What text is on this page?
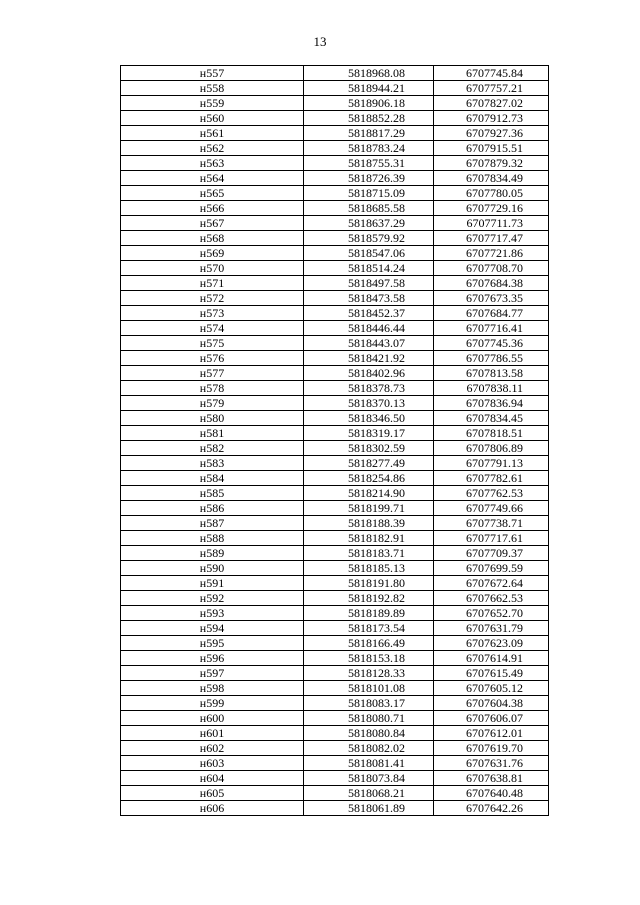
13
н557	5818968.08	6707745.84
н558	5818944.21	6707757.21
н559	5818906.18	6707827.02
н560	5818852.28	6707912.73
н561	5818817.29	6707927.36
н562	5818783.24	6707915.51
н563	5818755.31	6707879.32
н564	5818726.39	6707834.49
н565	5818715.09	6707780.05
н566	5818685.58	6707729.16
н567	5818637.29	6707711.73
н568	5818579.92	6707717.47
н569	5818547.06	6707721.86
н570	5818514.24	6707708.70
н571	5818497.58	6707684.38
н572	5818473.58	6707673.35
н573	5818452.37	6707684.77
н574	5818446.44	6707716.41
н575	5818443.07	6707745.36
н576	5818421.92	6707786.55
н577	5818402.96	6707813.58
н578	5818378.73	6707838.11
н579	5818370.13	6707836.94
н580	5818346.50	6707834.45
н581	5818319.17	6707818.51
н582	5818302.59	6707806.89
н583	5818277.49	6707791.13
н584	5818254.86	6707782.61
н585	5818214.90	6707762.53
н586	5818199.71	6707749.66
н587	5818188.39	6707738.71
н588	5818182.91	6707717.61
н589	5818183.71	6707709.37
н590	5818185.13	6707699.59
н591	5818191.80	6707672.64
н592	5818192.82	6707662.53
н593	5818189.89	6707652.70
н594	5818173.54	6707631.79
н595	5818166.49	6707623.09
н596	5818153.18	6707614.91
н597	5818128.33	6707615.49
н598	5818101.08	6707605.12
н599	5818083.17	6707604.38
н600	5818080.71	6707606.07
н601	5818080.84	6707612.01
н602	5818082.02	6707619.70
н603	5818081.41	6707631.76
н604	5818073.84	6707638.81
н605	5818068.21	6707640.48
н606	5818061.89	6707642.26
